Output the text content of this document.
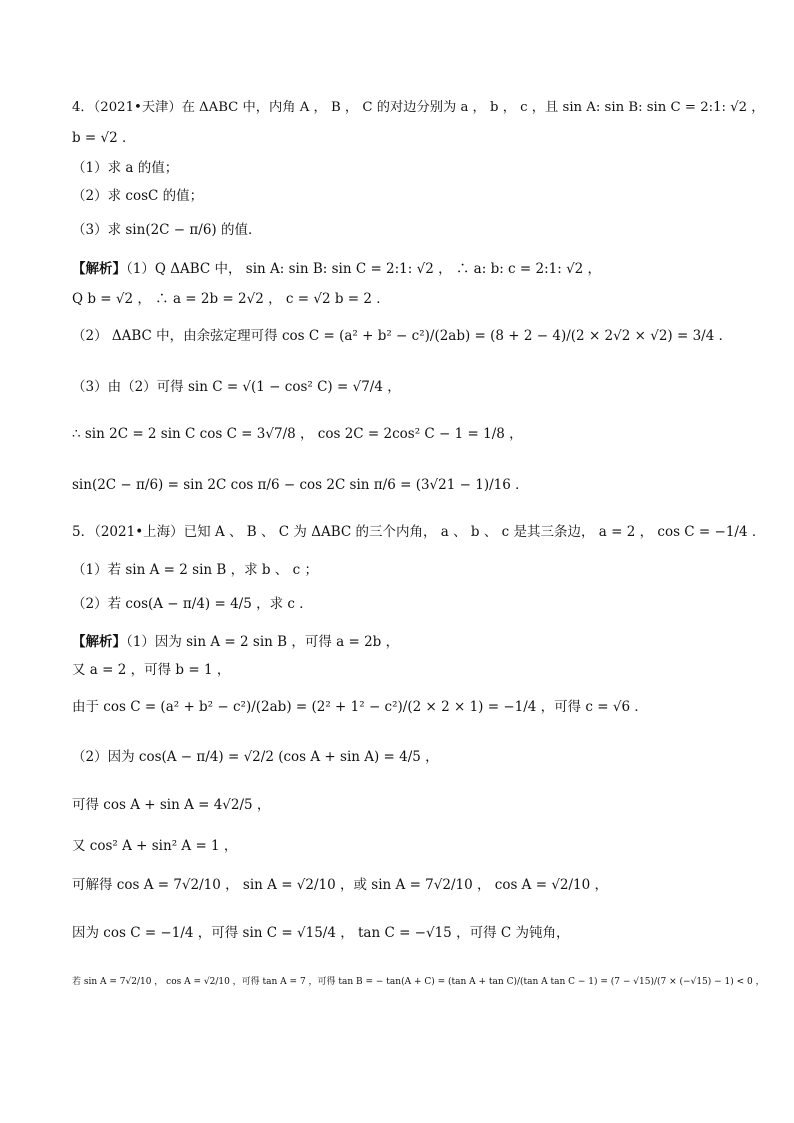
4．（2021•天津）在 ΔABC 中，内角 A ， B ， C 的对边分别为 a ， b ， c ，且 sin A: sin B: sin C = 2:1: √2 ，
b = √2 ．
（1）求 a 的值；
（2）求 cosC 的值；
（3）求 sin(2C − π/6) 的值．
【解析】（1）Q ΔABC 中， sin A: sin B: sin C = 2:1: √2 ， ∴ a: b: c = 2:1: √2 ，
Q b = √2 ， ∴ a = 2b = 2√2 ， c = √2 b = 2 ．
（2） ΔABC 中，由余弦定理可得 cos C = (a² + b² − c²)/(2ab) = (8 + 2 − 4)/(2 × 2√2 × √2) = 3/4 ．
（3）由（2）可得 sin C = √(1 − cos² C) = √7/4 ，
∴ sin 2C = 2 sin C cos C = 3√7/8 ， cos 2C = 2cos² C − 1 = 1/8 ，
sin(2C − π/6) = sin 2C cos π/6 − cos 2C sin π/6 = (3√21 − 1)/16 ．
5．（2021•上海）已知 A 、 B 、 C 为 ΔABC 的三个内角， a 、 b 、 c 是其三条边， a = 2 ， cos C = −1/4 ．
（1）若 sin A = 2 sin B ，求 b 、 c ；
（2）若 cos(A − π/4) = 4/5 ，求 c ．
【解析】（1）因为 sin A = 2 sin B ，可得 a = 2b ，
又 a = 2 ，可得 b = 1 ，
由于 cos C = (a² + b² − c²)/(2ab) = (2² + 1² − c²)/(2 × 2 × 1) = −1/4 ，可得 c = √6 ．
（2）因为 cos(A − π/4) = √2/2 (cos A + sin A) = 4/5 ，
可得 cos A + sin A = 4√2/5 ，
又 cos² A + sin² A = 1 ，
可解得 cos A = 7√2/10 ， sin A = √2/10 ，或 sin A = 7√2/10 ， cos A = √2/10 ，
因为 cos C = −1/4 ，可得 sin C = √15/4 ， tan C = −√15 ，可得 C 为钝角，
若 sin A = 7√2/10 ， cos A = √2/10 ，可得 tan A = 7 ，可得 tan B = − tan(A + C) = (tan A + tan C)/(tan A tan C − 1) = (7 − √15)/(7 × (−√15) − 1) < 0 ，
